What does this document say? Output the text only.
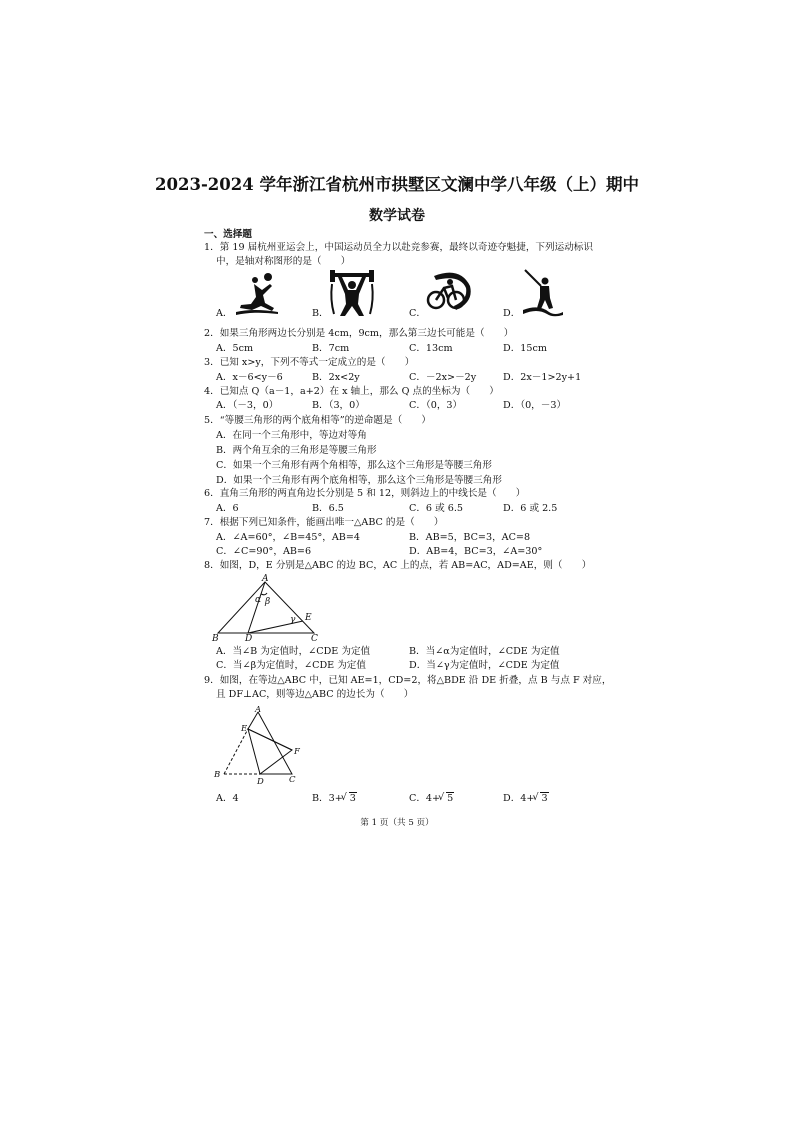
2023-2024 学年浙江省杭州市拱墅区文澜中学八年级（上）期中
数学试卷
一、选择题
1．第 19 届杭州亚运会上，中国运动员全力以赴竞参赛，最终以奇迹夺魁捷，下列运动标识
中，是轴对称图形的是（　　）
A．	B．	C．	D．
2．如果三角形两边长分别是 4cm，9cm，那么第三边长可能是（　　）
A．5cm	B．7cm	C．13cm	D．15cm
3．已知 x>y，下列不等式一定成立的是（　　）
A．x－6<y－6	B．2x<2y	C．－2x>－2y	D．2x－1>2y+1
4．已知点 Q（a－1，a+2）在 x 轴上，那么 Q 点的坐标为（　　）
A．（－3，0）	B．（3，0）	C．（0，3）	D．（0，－3）
5．“等腰三角形的两个底角相等”的逆命题是（　　）
A．在同一个三角形中，等边对等角
B．两个角互余的三角形是等腰三角形
C．如果一个三角形有两个角相等，那么这个三角形是等腰三角形
D．如果一个三角形有两个底角相等，那么这个三角形是等腰三角形
6．直角三角形的两直角边长分别是 5 和 12，则斜边上的中线长是（　　）
A．6	B．6.5	C．6 或 6.5	D．6 或 2.5
7．根据下列已知条件，能画出唯一△ABC 的是（　　）
A．∠A=60°，∠B=45°，AB=4	B．AB=5，BC=3，AC=8
C．∠C=90°，AB=6	D．AB=4，BC=3，∠A=30°
8．如图，D，E 分别是△ABC 的边 BC，AC 上的点，若 AB=AC，AD=AE，则（　　）
A
B	D	C
E
α β
γ
A．当∠B 为定值时，∠CDE 为定值	B．当∠α为定值时，∠CDE 为定值
C．当∠β为定值时，∠CDE 为定值	D．当∠γ为定值时，∠CDE 为定值
9．如图，在等边△ABC 中，已知 AE=1，CD=2，将△BDE 沿 DE 折叠，点 B 与点 F 对应，
且 DF⊥AC，则等边△ABC 的边长为（　　）
A
B	C
D
E
F
A．4	B．3+ √ 3	C．4+ √ 5	D．4+ √ 3
第 1 页（共 5 页）
